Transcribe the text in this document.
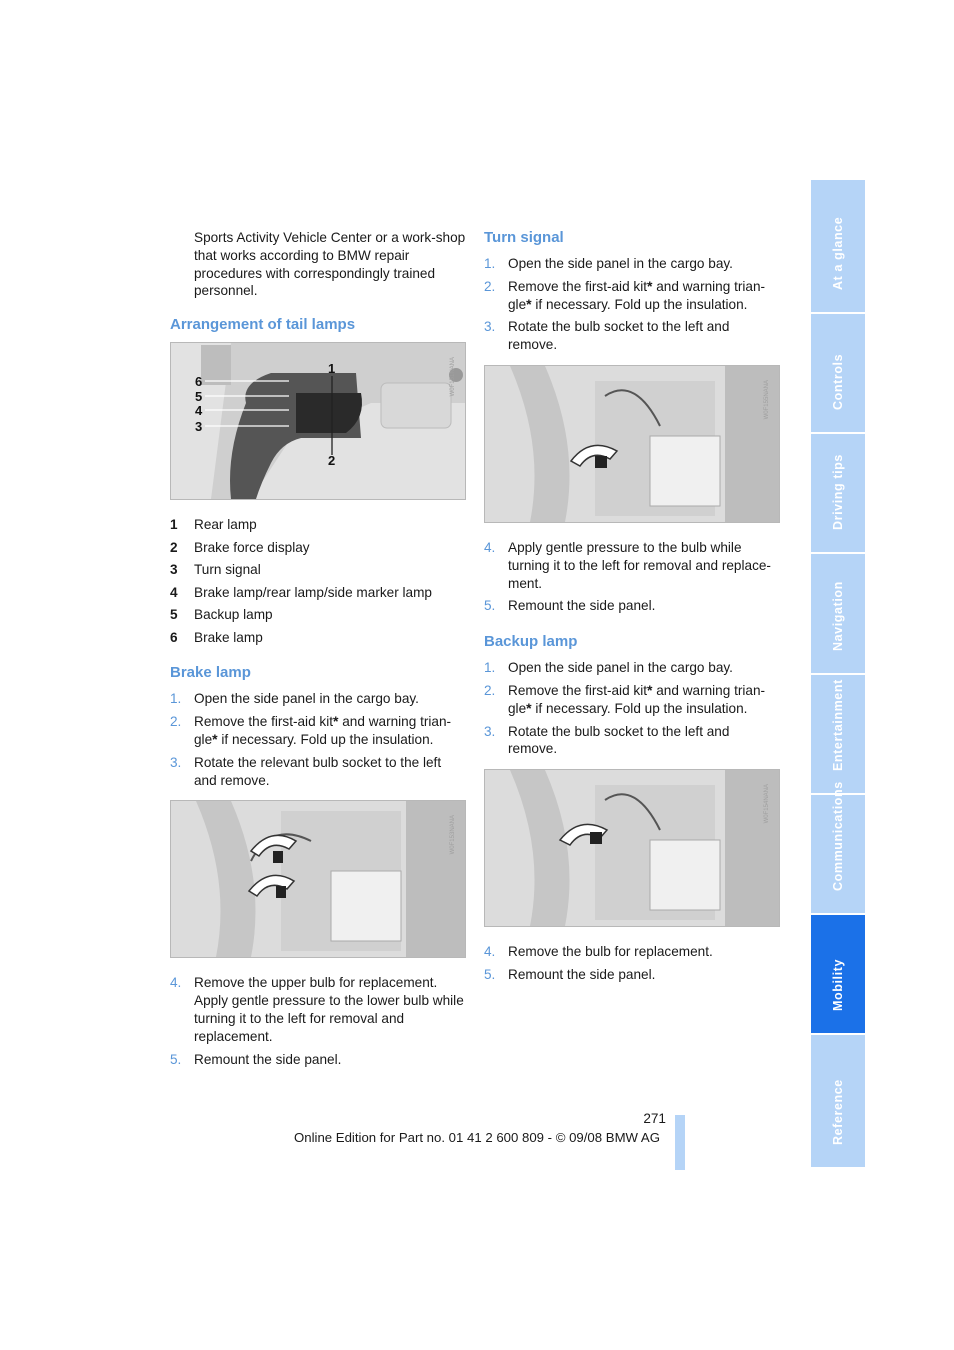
Sports Activity Vehicle Center or a work-shop that works according to BMW repair procedures with correspondingly trained personnel.

Arrangement of tail lamps
1
2
6
5
4
3
W0F151NANA
1 Rear lamp
2 Brake force display
3 Turn signal
4 Brake lamp/rear lamp/side marker lamp
5 Backup lamp
6 Brake lamp
Brake lamp
1. Open the side panel in the cargo bay.
2. Remove the first-aid kit* and warning trian-gle* if necessary. Fold up the insulation.
3. Rotate the relevant bulb socket to the left and remove.
W0F153NANA
4. Remove the upper bulb for replacement. Apply gentle pressure to the lower bulb while turning it to the left for removal and replacement.
5. Remount the side panel.
Turn signal
1. Open the side panel in the cargo bay.
2. Remove the first-aid kit* and warning trian-gle* if necessary. Fold up the insulation.
3. Rotate the bulb socket to the left and remove.
W0F155NANA
4. Apply gentle pressure to the bulb while turning it to the left for removal and replace-ment.
5. Remount the side panel.
Backup lamp
1. Open the side panel in the cargo bay.
2. Remove the first-aid kit* and warning trian-gle* if necessary. Fold up the insulation.
3. Rotate the bulb socket to the left and remove.
W0F154NANA
4. Remove the bulb for replacement.
5. Remount the side panel.
At a glance
Controls
Driving tips
Navigation
Entertainment
Communications
Mobility
Reference
271
Online Edition for Part no. 01 41 2 600 809 - © 09/08 BMW AG
